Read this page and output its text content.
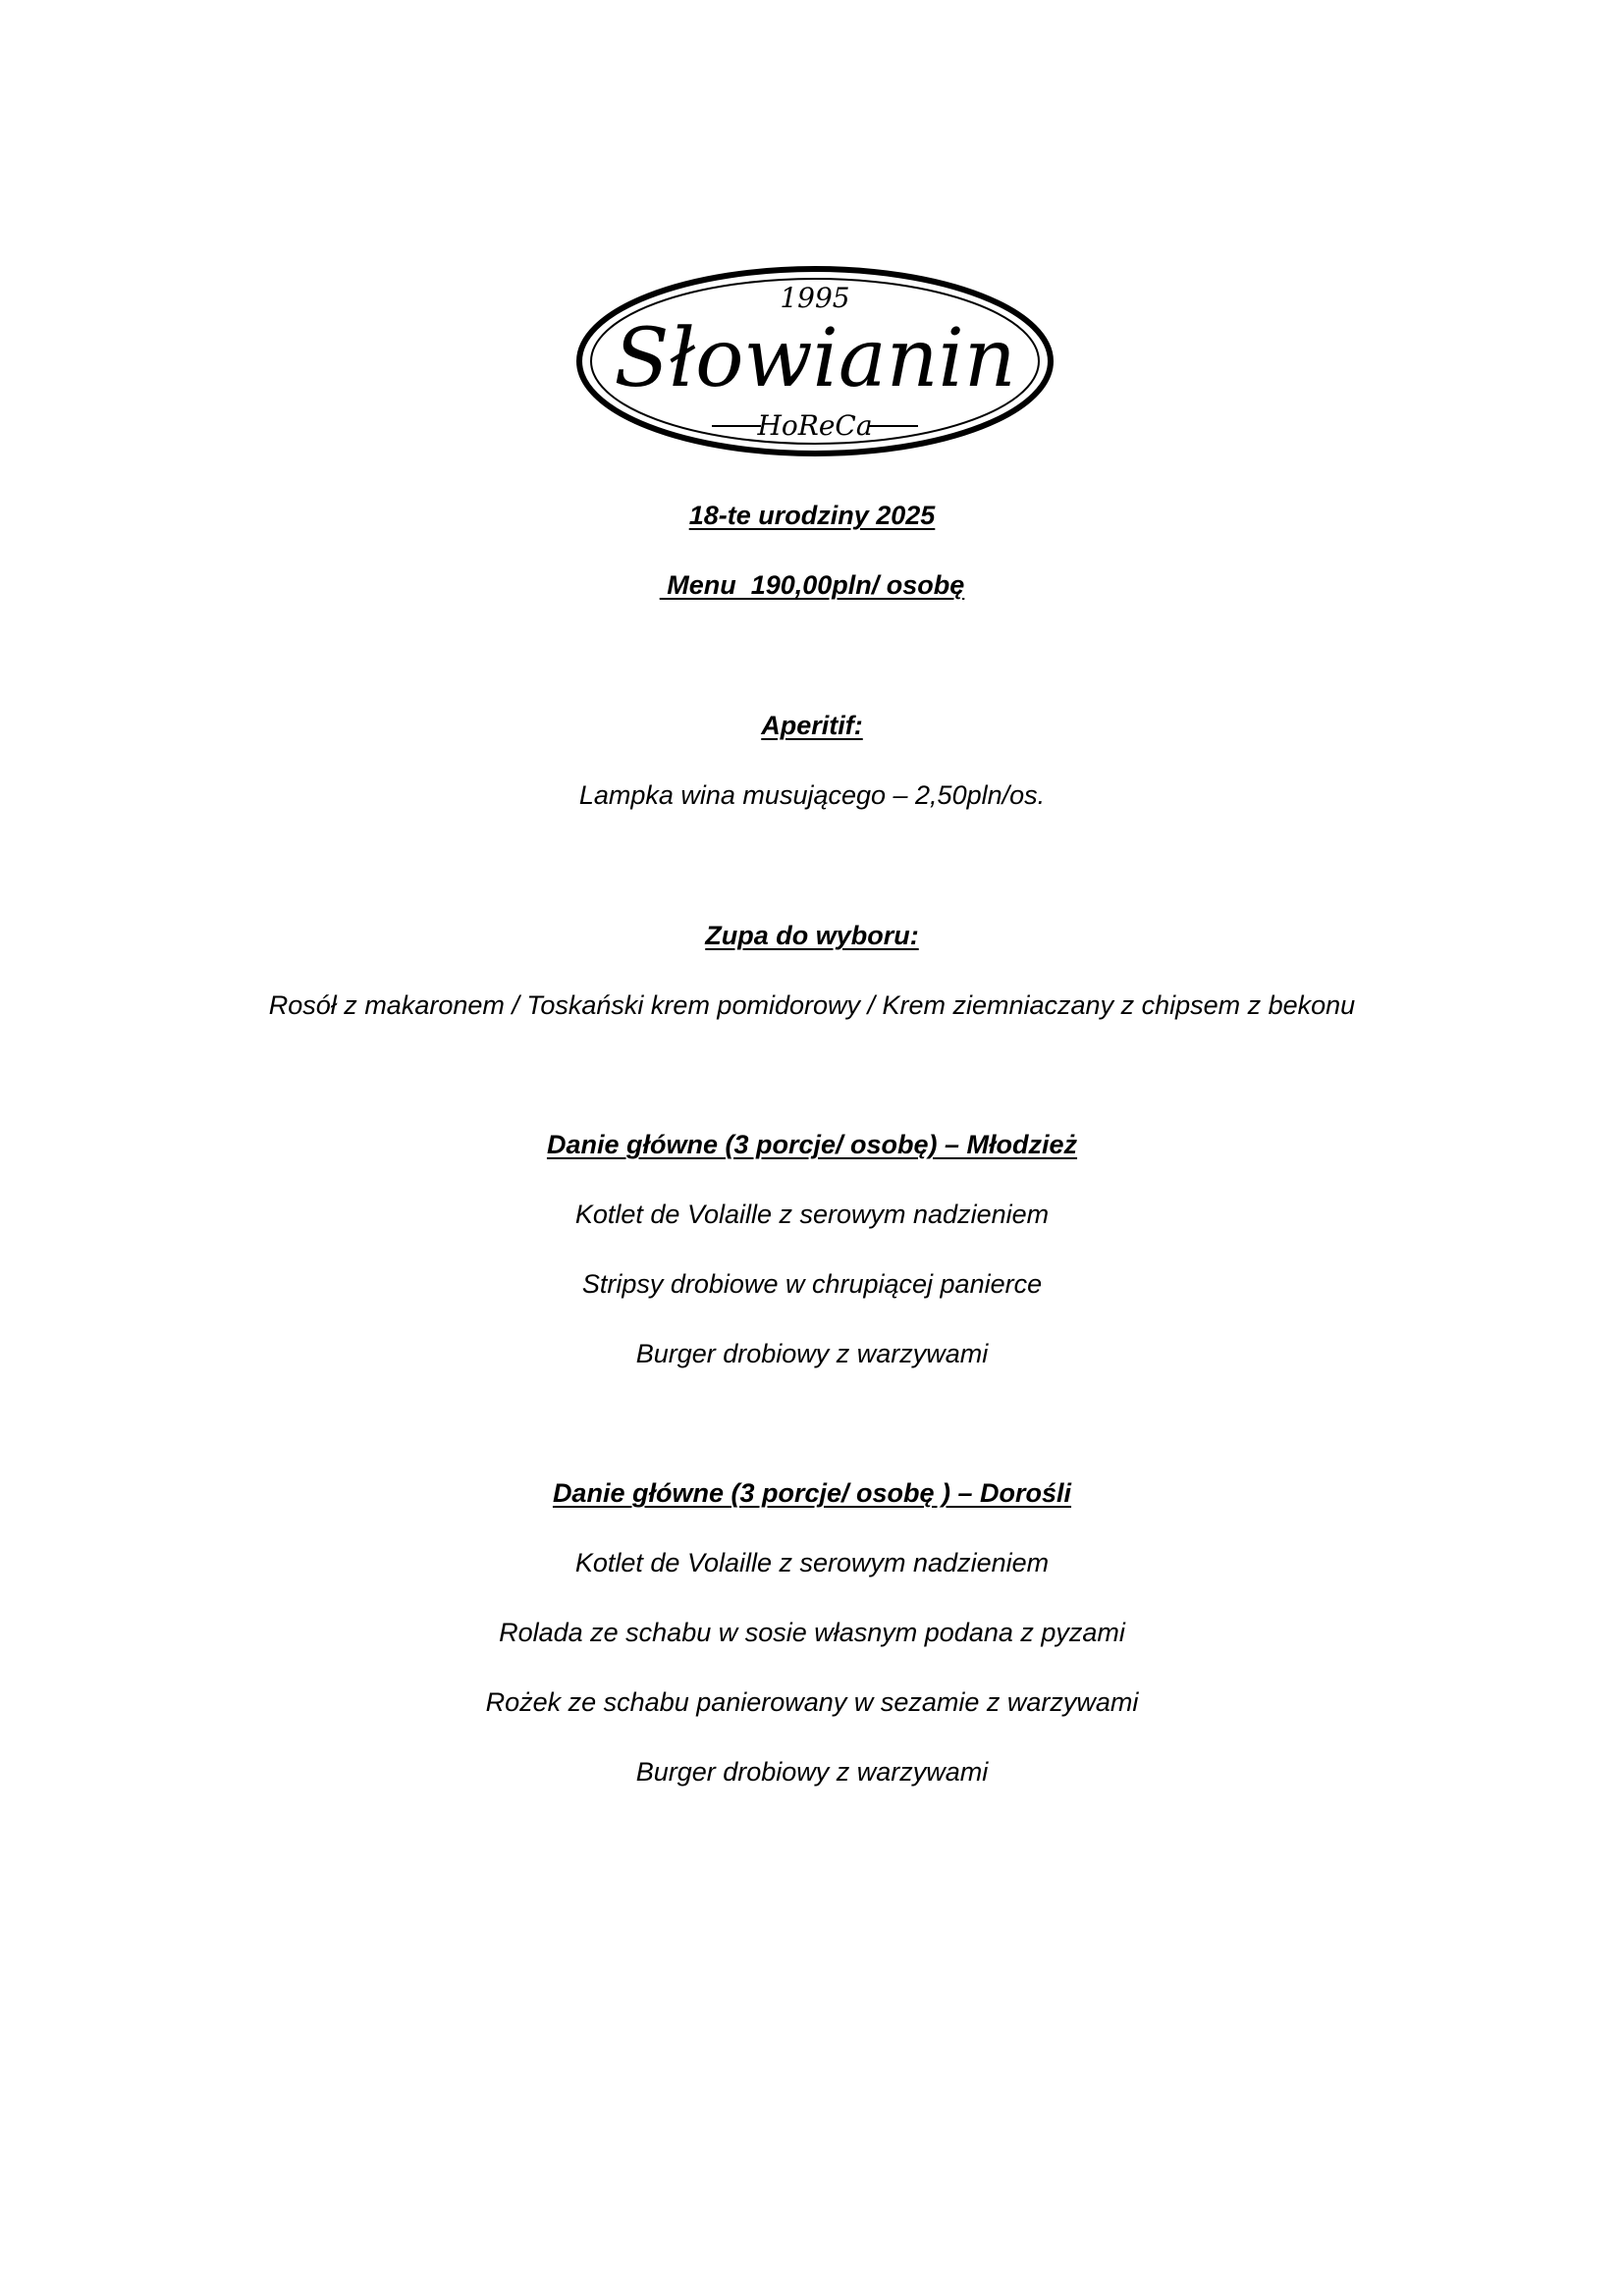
1995
Słowianin
HoReCa
18-te urodziny 2025
Menu  190,00pln/ osobę
Aperitif:
Lampka wina musującego – 2,50pln/os.
Zupa do wyboru:
Rosół z makaronem / Toskański krem pomidorowy / Krem ziemniaczany z chipsem z bekonu
Danie główne (3 porcje/ osobę) – Młodzież
Kotlet de Volaille z serowym nadzieniem
Stripsy drobiowe w chrupiącej panierce
Burger drobiowy z warzywami
Danie główne (3 porcje/ osobę ) – Dorośli
Kotlet de Volaille z serowym nadzieniem
Rolada ze schabu w sosie własnym podana z pyzami
Rożek ze schabu panierowany w sezamie z warzywami
Burger drobiowy z warzywami
